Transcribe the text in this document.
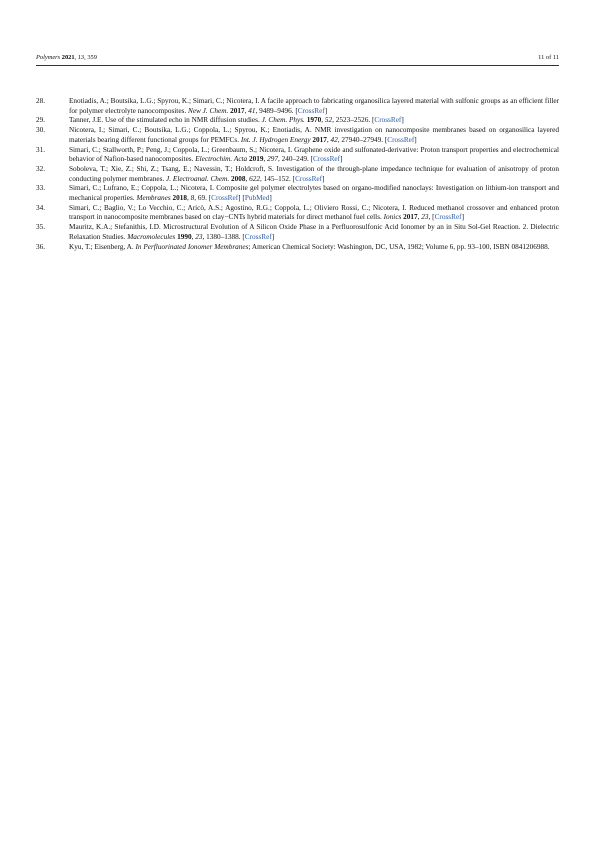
Polymers 2021, 13, 359	11 of 11
28.	Enotiadis, A.; Boutsika, L.G.; Spyrou, K.; Simari, C.; Nicotera, I. A facile approach to fabricating organosilica layered material with sulfonic groups as an efficient filler for polymer electrolyte nanocomposites. New J. Chem. 2017, 41, 9489–9496. [CrossRef]
29.	Tanner, J.E. Use of the stimulated echo in NMR diffusion studies. J. Chem. Phys. 1970, 52, 2523–2526. [CrossRef]
30.	Nicotera, I.; Simari, C.; Boutsika, L.G.; Coppola, L.; Spyrou, K.; Enotiadis, A. NMR investigation on nanocomposite membranes based on organosilica layered materials bearing different functional groups for PEMFCs. Int. J. Hydrogen Energy 2017, 42, 27940–27949. [CrossRef]
31.	Simari, C.; Stallworth, P.; Peng, J.; Coppola, L.; Greenbaum, S.; Nicotera, I. Graphene oxide and sulfonated-derivative: Proton transport properties and electrochemical behavior of Nafion-based nanocomposites. Electrochim. Acta 2019, 297, 240–249. [CrossRef]
32.	Soboleva, T.; Xie, Z.; Shi, Z.; Tsang, E.; Navessin, T.; Holdcroft, S. Investigation of the through-plane impedance technique for evaluation of anisotropy of proton conducting polymer membranes. J. Electroanal. Chem. 2008, 622, 145–152. [CrossRef]
33.	Simari, C.; Lufrano, E.; Coppola, L.; Nicotera, I. Composite gel polymer electrolytes based on organo-modified nanoclays: Investigation on lithium-ion transport and mechanical properties. Membranes 2018, 8, 69. [CrossRef] [PubMed]
34.	Simari, C.; Baglio, V.; Lo Vecchio, C.; Aricò, A.S.; Agostino, R.G.; Coppola, L.; Oliviero Rossi, C.; Nicotera, I. Reduced methanol crossover and enhanced proton transport in nanocomposite membranes based on clay−CNTs hybrid materials for direct methanol fuel cells. Ionics 2017, 23, [CrossRef]
35.	Mauritz, K.A.; Stefanithis, I.D. Microstructural Evolution of A Silicon Oxide Phase in a Perfluorosulfonic Acid Ionomer by an in Situ Sol-Gel Reaction. 2. Dielectric Relaxation Studies. Macromolecules 1990, 23, 1380–1388. [CrossRef]
36.	Kyu, T.; Eisenberg, A. In Perfluorinated Ionomer Membranes; American Chemical Society: Washington, DC, USA, 1982; Volume 6, pp. 93–100, ISBN 0841206988.
